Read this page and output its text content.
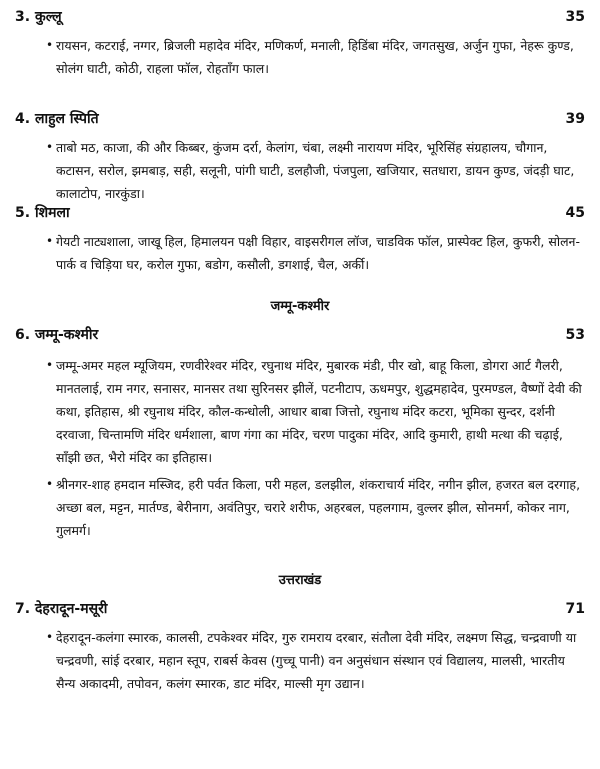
3. कुल्लू	35
• रायसन, कटराई, नग्गर, ब्रिजली महादेव मंदिर, मणिकर्ण, मनाली, हिडिंबा मंदिर, जगतसुख, अर्जुन गुफा, नेहरू कुण्ड, सोलंग घाटी, कोठी, राहला फॉल, रोहतॉंग फाल।
4. लाहुल स्पिति	39
• ताबो मठ, काजा, की और किब्बर, कुंजम दर्रा, केलांग, चंबा, लक्ष्मी नारायण मंदिर, भूरिसिंह संग्रहालय, चौगान, कटासन, सरोल, झमबाड़, सही, सलूनी, पांगी घाटी, डलहौजी, पंजपुला, खजियार, सतधारा, डायन कुण्ड, जंदड़ी घाट, कालाटोप, नारकुंडा।
5. शिमला	45
• गेयटी नाट्यशाला, जाखू हिल, हिमालयन पक्षी विहार, वाइसरीगल लॉज, चाडविक फॉल, प्रास्पेक्ट हिल, कुफरी, सोलन-पार्क व चिड़िया घर, करोल गुफा, बडोग, कसौली, डगशाई, चैल, अर्की।
जम्मू-कश्मीर
6. जम्मू-कश्मीर	53
• जम्मू-अमर महल म्यूजियम, रणवीरेश्वर मंदिर, रघुनाथ मंदिर, मुबारक मंडी, पीर खो, बाहू किला, डोगरा आर्ट गैलरी, मानतलाई, राम नगर, सनासर, मानसर तथा सुरिनसर झीलें, पटनीटाप, ऊधमपुर, शुद्धमहादेव, पुरमण्डल, वैष्णों देवी की कथा, इतिहास, श्री रघुनाथ मंदिर, कौल-कन्धोली, आधार बाबा जित्तो, रघुनाथ मंदिर कटरा, भूमिका सुन्दर, दर्शनी दरवाजा, चिन्तामणि मंदिर धर्मशाला, बाण गंगा का मंदिर, चरण पादुका मंदिर, आदि कुमारी, हाथी मत्था की चढ़ाई, साँझी छत, भैरो मंदिर का इतिहास।
• श्रीनगर-शाह हमदान मस्जिद, हरी पर्वत किला, परी महल, डलझील, शंकराचार्य मंदिर, नगीन झील, हजरत बल दरगाह, अच्छा बल, मट्टन, मार्तण्ड, बेरीनाग, अवंतिपुर, चरारे शरीफ, अहरबल, पहलगाम, वुल्लर झील, सोनमर्ग, कोकर नाग, गुलमर्ग।
उत्तराखंड
7. देहरादून-मसूरी	71
• देहरादून-कलंगा स्मारक, कालसी, टपकेश्वर मंदिर, गुरु रामराय दरबार, संतौला देवी मंदिर, लक्ष्मण सिद्ध, चन्द्रवाणी या चन्द्रवणी, सांई दरबार, महान स्तूप, राबर्स केवस (गुच्चू पानी) वन अनुसंधान संस्थान एवं विद्यालय, मालसी, भारतीय सैन्य अकादमी, तपोवन, कलंग स्मारक, डाट मंदिर, माल्सी मृग उद्यान।
